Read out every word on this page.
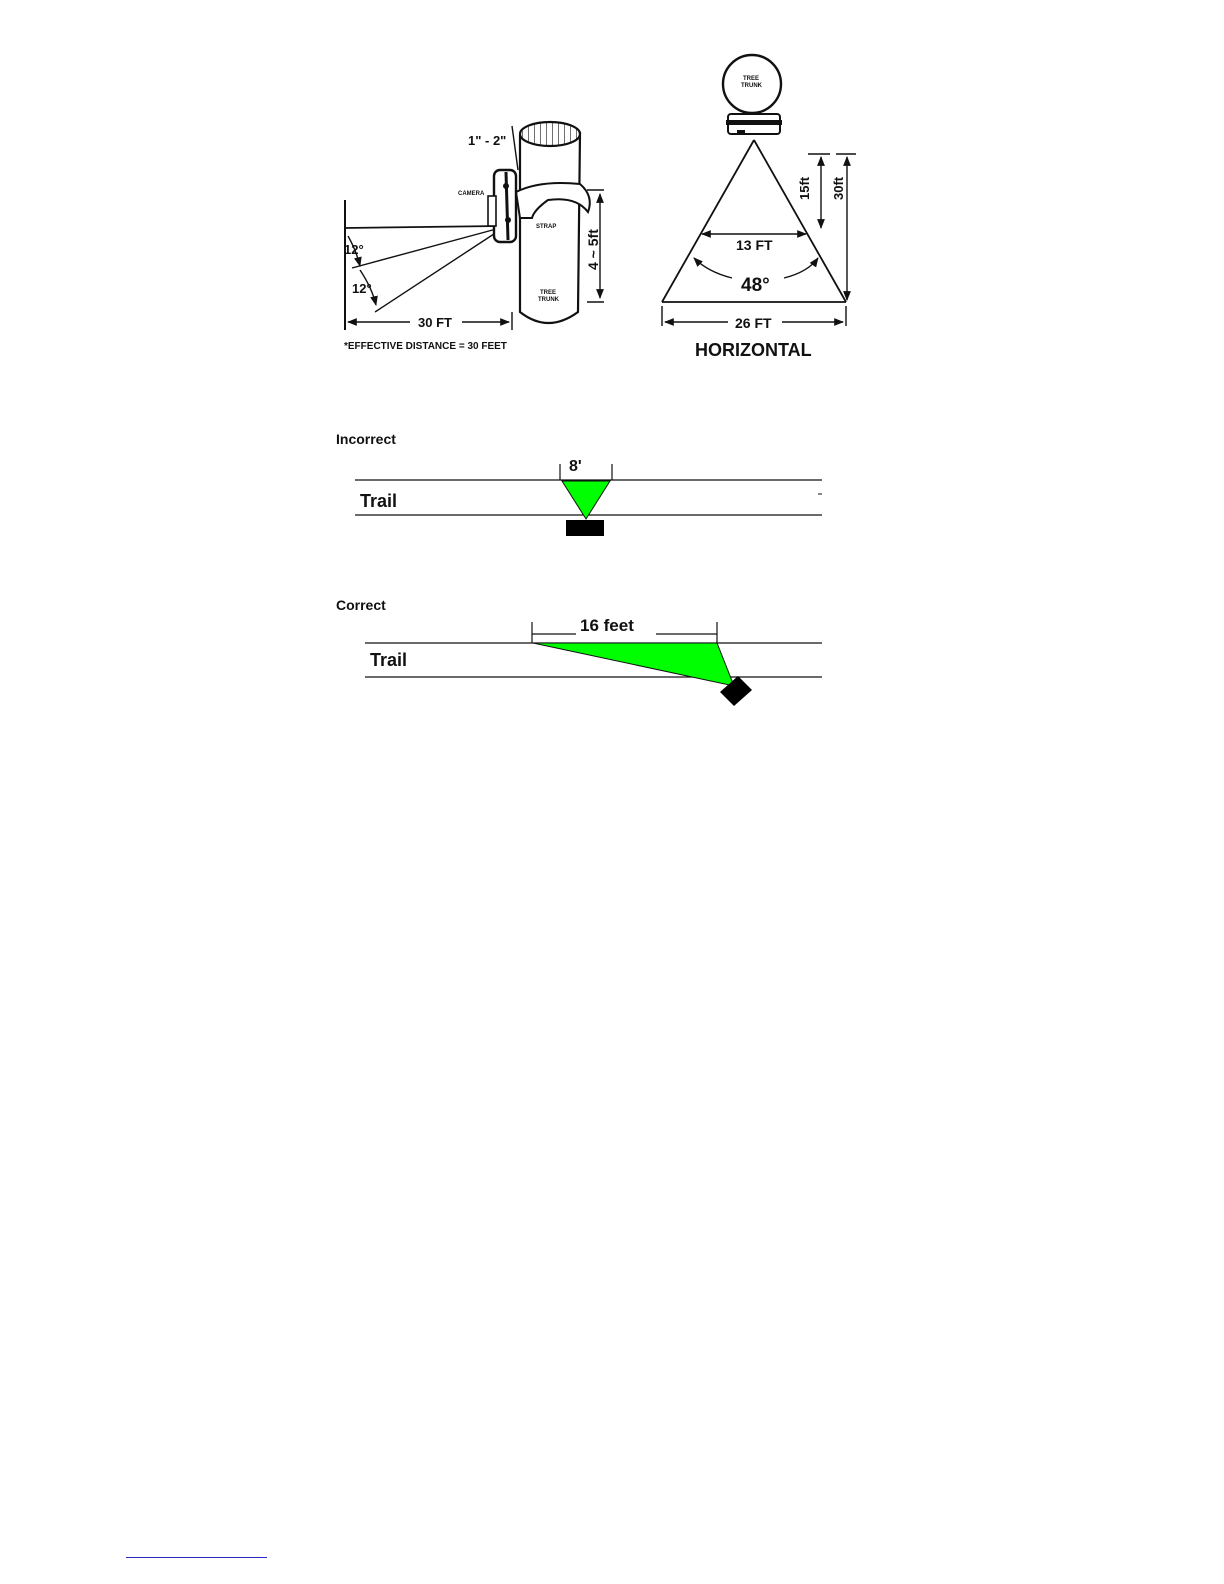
1" - 2"
CAMERA
STRAP
TREE
TRUNK
4 ~ 5ft
12°
12°
30 FT
*EFFECTIVE DISTANCE = 30 FEET
TREE
TRUNK
13 FT
48°
15ft 30ft
26 FT
HORIZONTAL
Incorrect
8'
Trail
Correct
16 feet
Trail
